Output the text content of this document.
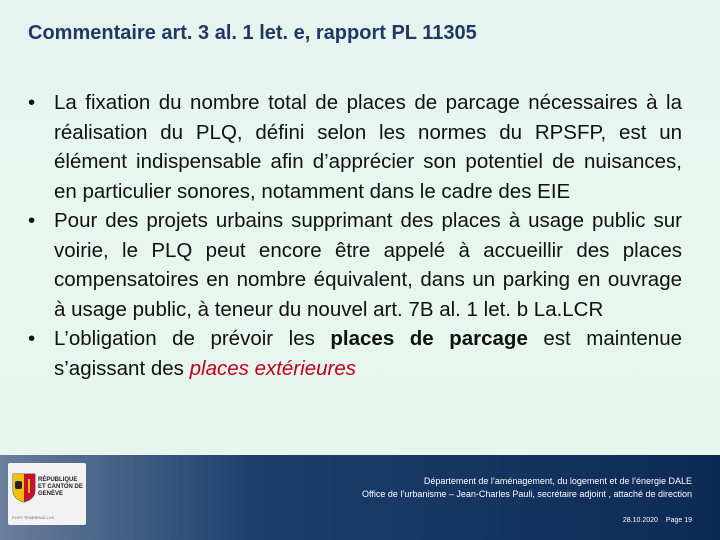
Commentaire art. 3 al. 1 let. e, rapport PL 11305
• La fixation du nombre total de places de parcage nécessaires à la réalisation du PLQ, défini selon les normes du RPSFP, est un élément indispensable afin d’apprécier son potentiel de nuisances, en particulier sonores, notamment dans le cadre des EIE
• Pour des projets urbains supprimant des places à usage public sur voirie, le PLQ peut encore être appelé à accueillir des places compensatoires en nombre équivalent, dans un parking en ouvrage à usage public, à teneur du nouvel art. 7B al. 1 let. b La.LCR
• L’obligation de prévoir les places de parcage est maintenue s’agissant des places extérieures
RÉPUBLIQUE ET CANTON DE GENÈVE
POST TENEBRAS LUX
Département de l’aménagement, du logement et de l’énergie DALE
Office de l’urbanisme – Jean-Charles Pauli, secrétaire adjoint , attaché de direction
28.10.2020 Page 19
